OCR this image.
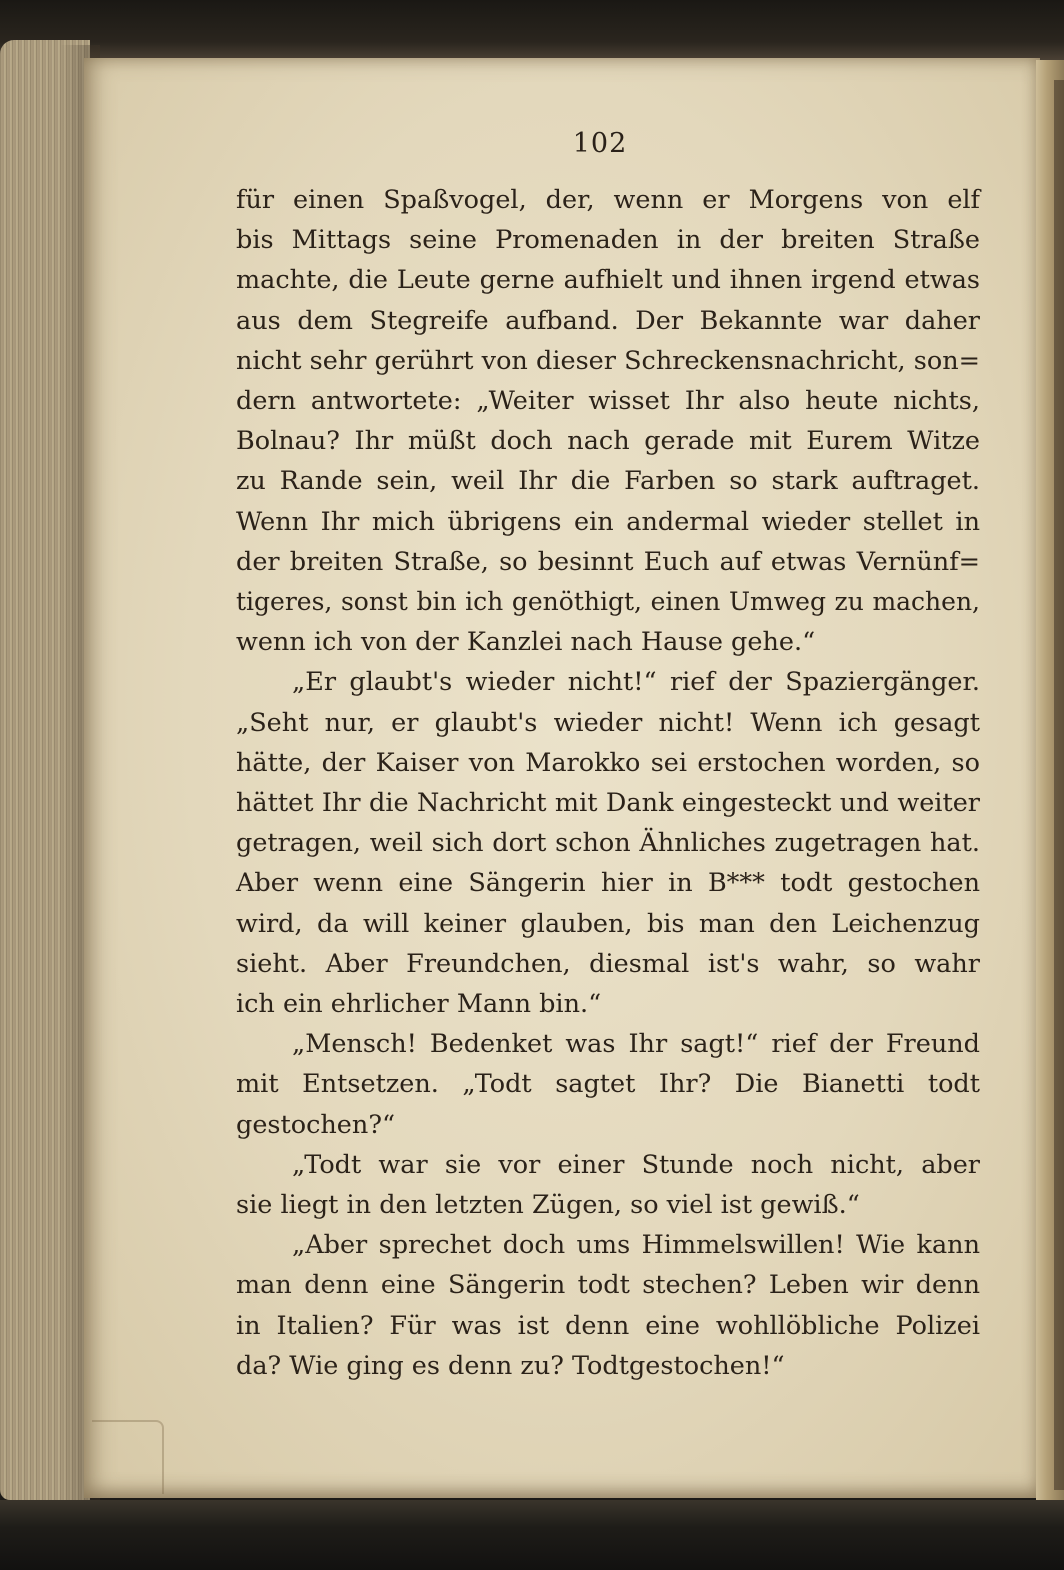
102
für einen Spaßvogel, der, wenn er Morgens von elf
bis Mittags seine Promenaden in der breiten Straße
machte, die Leute gerne aufhielt und ihnen irgend etwas
aus dem Stegreife aufband. Der Bekannte war daher
nicht sehr gerührt von dieser Schreckensnachricht, son=
dern antwortete: „Weiter wisset Ihr also heute nichts,
Bolnau? Ihr müßt doch nach gerade mit Eurem Witze
zu Rande sein, weil Ihr die Farben so stark auftraget.
Wenn Ihr mich übrigens ein andermal wieder stellet in
der breiten Straße, so besinnt Euch auf etwas Vernünf=
tigeres, sonst bin ich genöthigt, einen Umweg zu machen,
wenn ich von der Kanzlei nach Hause gehe.“
„Er glaubt's wieder nicht!“ rief der Spaziergänger.
„Seht nur, er glaubt's wieder nicht! Wenn ich gesagt
hätte, der Kaiser von Marokko sei erstochen worden, so
hättet Ihr die Nachricht mit Dank eingesteckt und weiter
getragen, weil sich dort schon Ähnliches zugetragen hat.
Aber wenn eine Sängerin hier in B*** todt gestochen
wird, da will keiner glauben, bis man den Leichenzug
sieht. Aber Freundchen, diesmal ist's wahr, so wahr
ich ein ehrlicher Mann bin.“
„Mensch! Bedenket was Ihr sagt!“ rief der Freund
mit Entsetzen. „Todt sagtet Ihr? Die Bianetti todt
gestochen?“
„Todt war sie vor einer Stunde noch nicht, aber
sie liegt in den letzten Zügen, so viel ist gewiß.“
„Aber sprechet doch ums Himmelswillen! Wie kann
man denn eine Sängerin todt stechen? Leben wir denn
in Italien? Für was ist denn eine wohllöbliche Polizei
da? Wie ging es denn zu? Todtgestochen!“
